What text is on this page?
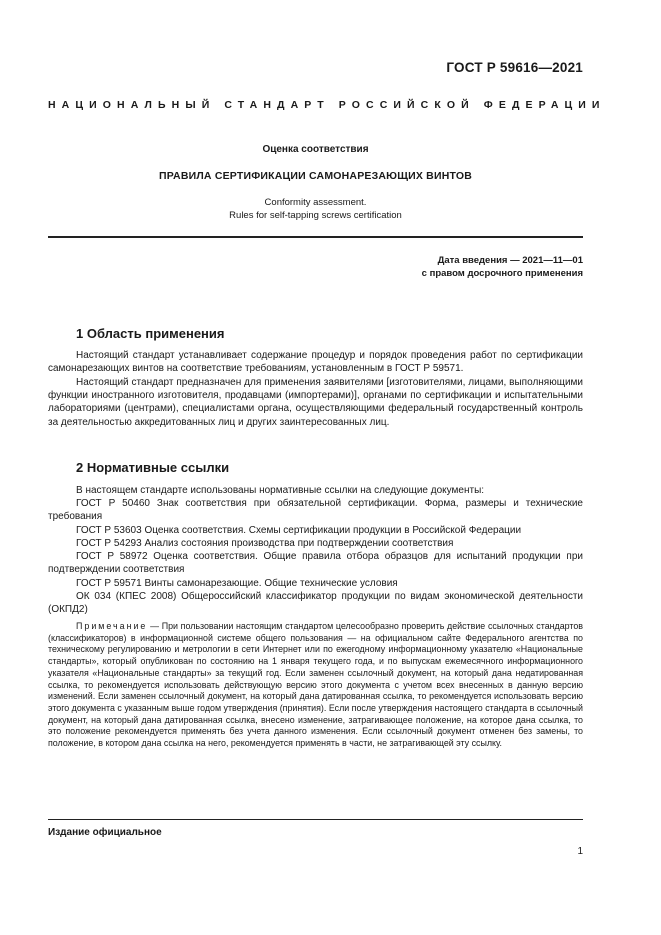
ГОСТ Р 59616—2021
НАЦИОНАЛЬНЫЙ СТАНДАРТ РОССИЙСКОЙ ФЕДЕРАЦИИ
Оценка соответствия
ПРАВИЛА СЕРТИФИКАЦИИ САМОНАРЕЗАЮЩИХ ВИНТОВ
Conformity assessment.
Rules for self-tapping screws certification
Дата введения — 2021—11—01
с правом досрочного применения
1 Область применения
Настоящий стандарт устанавливает содержание процедур и порядок проведения работ по сертификации самонарезающих винтов на соответствие требованиям, установленным в ГОСТ Р 59571.
Настоящий стандарт предназначен для применения заявителями [изготовителями, лицами, выполняющими функции иностранного изготовителя, продавцами (импортерами)], органами по сертификации и испытательными лабораториями (центрами), специалистами органа, осуществляющими федеральный государственный контроль за деятельностью аккредитованных лиц и других заинтересованных лиц.
2 Нормативные ссылки
В настоящем стандарте использованы нормативные ссылки на следующие документы:
ГОСТ Р 50460 Знак соответствия при обязательной сертификации. Форма, размеры и технические требования
ГОСТ Р 53603 Оценка соответствия. Схемы сертификации продукции в Российской Федерации
ГОСТ Р 54293 Анализ состояния производства при подтверждении соответствия
ГОСТ Р 58972 Оценка соответствия. Общие правила отбора образцов для испытаний продукции при подтверждении соответствия
ГОСТ Р 59571 Винты самонарезающие. Общие технические условия
ОК 034 (КПЕС 2008) Общероссийский классификатор продукции по видам экономической деятельности (ОКПД2)
Примечание — При пользовании настоящим стандартом целесообразно проверить действие ссылочных стандартов (классификаторов) в информационной системе общего пользования — на официальном сайте Федерального агентства по техническому регулированию и метрологии в сети Интернет или по ежегодному информационному указателю «Национальные стандарты», который опубликован по состоянию на 1 января текущего года, и по выпускам ежемесячного информационного указателя «Национальные стандарты» за текущий год. Если заменен ссылочный документ, на который дана недатированная ссылка, то рекомендуется использовать действующую версию этого документа с учетом всех внесенных в данную версию изменений. Если заменен ссылочный документ, на который дана датированная ссылка, то рекомендуется использовать версию этого документа с указанным выше годом утверждения (принятия). Если после утверждения настоящего стандарта в ссылочный документ, на который дана датированная ссылка, внесено изменение, затрагивающее положение, на которое дана ссылка, то это положение рекомендуется применять без учета данного изменения. Если ссылочный документ отменен без замены, то положение, в котором дана ссылка на него, рекомендуется применять в части, не затрагивающей эту ссылку.
Издание официальное
1
